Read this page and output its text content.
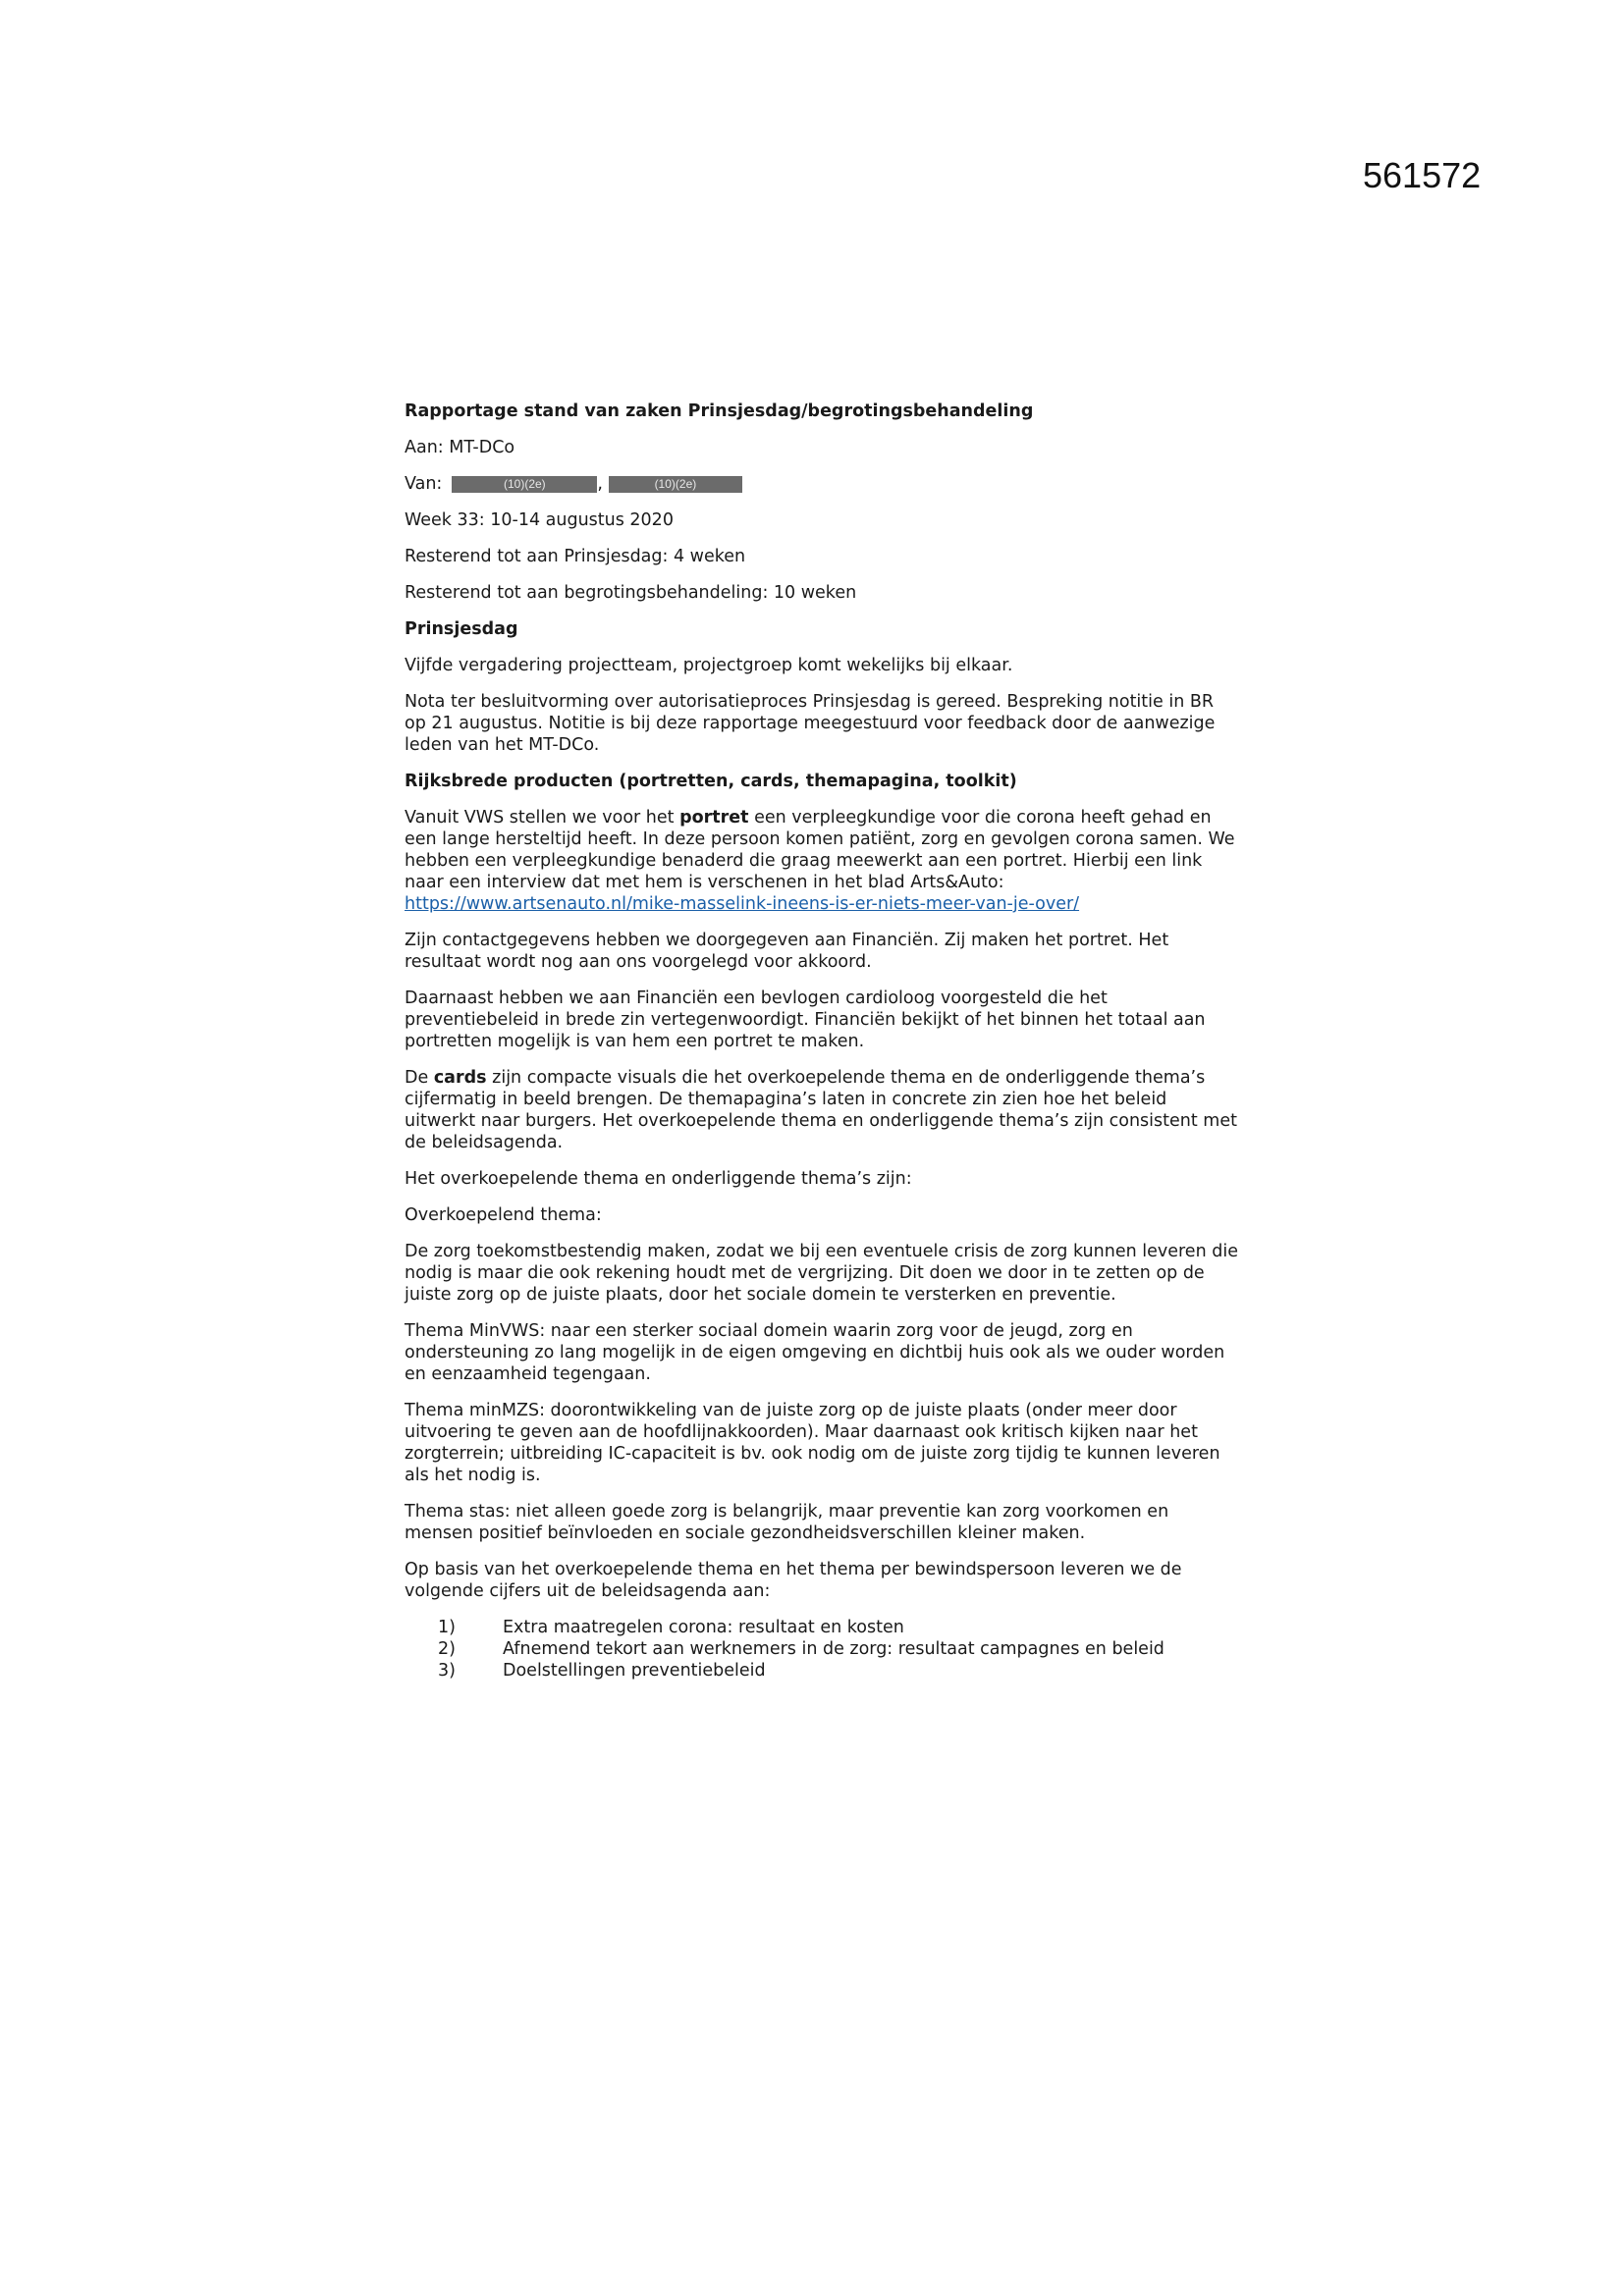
561572

Rapportage stand van zaken Prinsjesdag/begrotingsbehandeling

Aan: MT-DCo

Van:	(10)(2e)	,	(10)(2e)

Week 33: 10-14 augustus 2020

Resterend tot aan Prinsjesdag: 4 weken

Resterend tot aan begrotingsbehandeling: 10 weken

Prinsjesdag

Vijfde vergadering projectteam, projectgroep komt wekelijks bij elkaar.

Nota ter besluitvorming over autorisatieproces Prinsjesdag is gereed. Bespreking notitie in BR op 21 augustus. Notitie is bij deze rapportage meegestuurd voor feedback door de aanwezige leden van het MT-DCo.

Rijksbrede producten (portretten, cards, themapagina, toolkit)

Vanuit VWS stellen we voor het portret een verpleegkundige voor die corona heeft gehad en een lange hersteltijd heeft. In deze persoon komen patiënt, zorg en gevolgen corona samen. We hebben een verpleegkundige benaderd die graag meewerkt aan een portret. Hierbij een link naar een interview dat met hem is verschenen in het blad Arts&Auto: https://www.artsenauto.nl/mike-masselink-ineens-is-er-niets-meer-van-je-over/

Zijn contactgegevens hebben we doorgegeven aan Financiën. Zij maken het portret. Het resultaat wordt nog aan ons voorgelegd voor akkoord.

Daarnaast hebben we aan Financiën een bevlogen cardioloog voorgesteld die het preventiebeleid in brede zin vertegenwoordigt. Financiën bekijkt of het binnen het totaal aan portretten mogelijk is van hem een portret te maken.

De cards zijn compacte visuals die het overkoepelende thema en de onderliggende thema’s cijfermatig in beeld brengen. De themapagina’s laten in concrete zin zien hoe het beleid uitwerkt naar burgers. Het overkoepelende thema en onderliggende thema’s zijn consistent met de beleidsagenda.

Het overkoepelende thema en onderliggende thema’s zijn:

Overkoepelend thema:

De zorg toekomstbestendig maken, zodat we bij een eventuele crisis de zorg kunnen leveren die nodig is maar die ook rekening houdt met de vergrijzing. Dit doen we door in te zetten op de juiste zorg op de juiste plaats, door het sociale domein te versterken en preventie.

Thema MinVWS: naar een sterker sociaal domein waarin zorg voor de jeugd, zorg en ondersteuning zo lang mogelijk in de eigen omgeving en dichtbij huis ook als we ouder worden en eenzaamheid tegengaan.

Thema minMZS: doorontwikkeling van de juiste zorg op de juiste plaats (onder meer door uitvoering te geven aan de hoofdlijnakkoorden). Maar daarnaast ook kritisch kijken naar het zorgterrein; uitbreiding IC-capaciteit is bv. ook nodig om de juiste zorg tijdig te kunnen leveren als het nodig is.

Thema stas: niet alleen goede zorg is belangrijk, maar preventie kan zorg voorkomen en mensen positief beïnvloeden en sociale gezondheidsverschillen kleiner maken.

Op basis van het overkoepelende thema en het thema per bewindspersoon leveren we de volgende cijfers uit de beleidsagenda aan:

1)	Extra maatregelen corona: resultaat en kosten
2)	Afnemend tekort aan werknemers in de zorg: resultaat campagnes en beleid
3)	Doelstellingen preventiebeleid
